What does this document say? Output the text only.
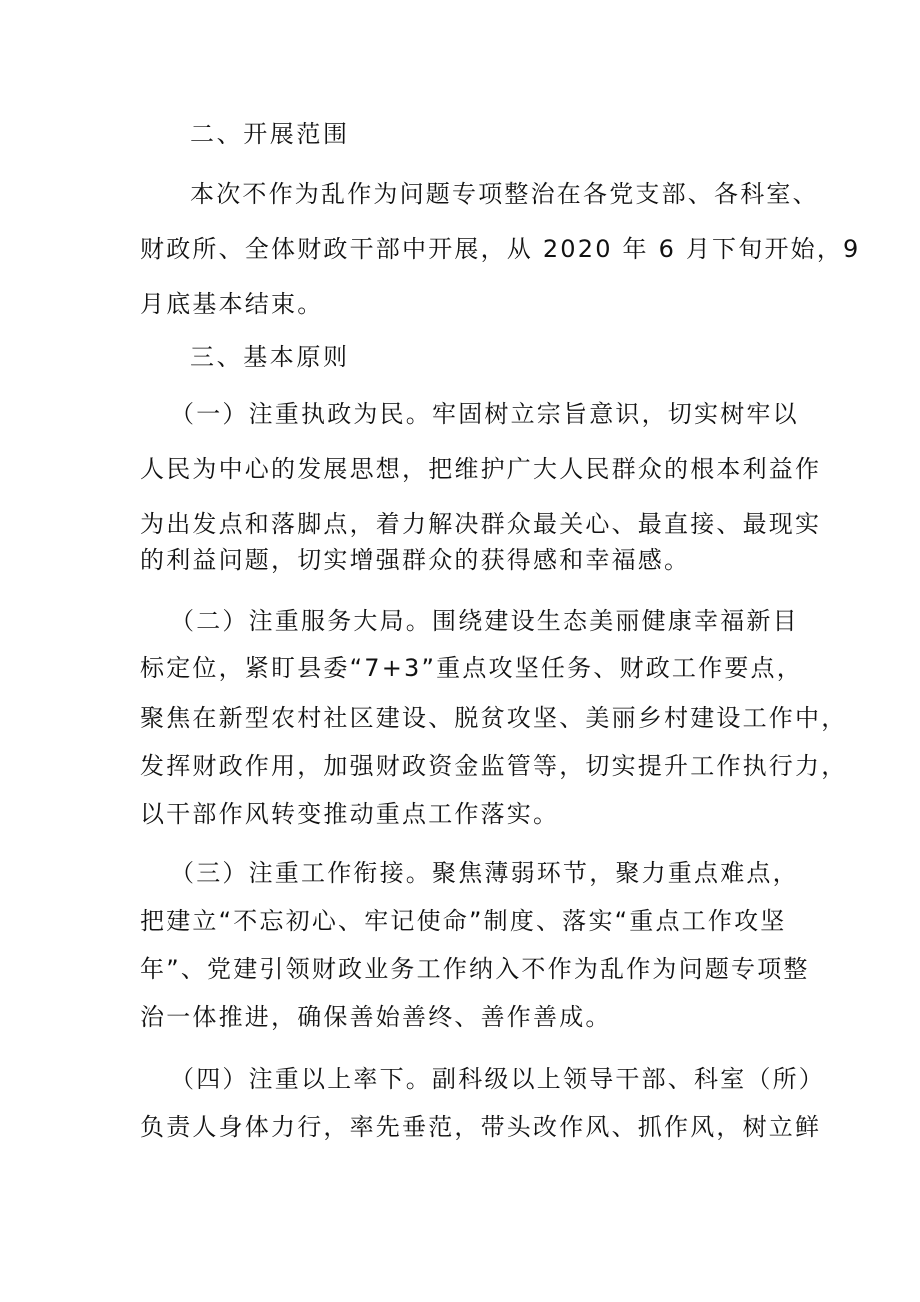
二、开展范围
本次不作为乱作为问题专项整治在各党支部、各科室、
财政所、全体财政干部中开展，从 2020 年 6 月下旬开始，9
月底基本结束。
三、基本原则
（一）注重执政为民。牢固树立宗旨意识，切实树牢以
人民为中心的发展思想，把维护广大人民群众的根本利益作
为出发点和落脚点，着力解决群众最关心、最直接、最现实
的利益问题，切实增强群众的获得感和幸福感。
（二）注重服务大局。围绕建设生态美丽健康幸福新目
标定位，紧盯县委“7+3”重点攻坚任务、财政工作要点，
聚焦在新型农村社区建设、脱贫攻坚、美丽乡村建设工作中，
发挥财政作用，加强财政资金监管等，切实提升工作执行力，
以干部作风转变推动重点工作落实。
（三）注重工作衔接。聚焦薄弱环节，聚力重点难点，
把建立“不忘初心、牢记使命”制度、落实“重点工作攻坚
年”、党建引领财政业务工作纳入不作为乱作为问题专项整
治一体推进，确保善始善终、善作善成。
（四）注重以上率下。副科级以上领导干部、科室（所）
负责人身体力行，率先垂范，带头改作风、抓作风，树立鲜
